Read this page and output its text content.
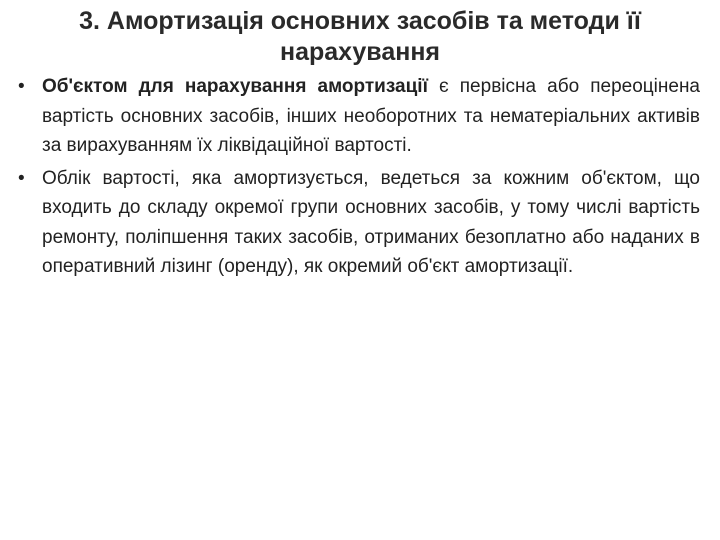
3. Амортизація основних засобів та методи її нарахування
• Об'єктом для нарахування амортизації є первісна або переоцінена вартість основних засобів, інших необоротних та нематеріальних активів за вирахуванням їх ліквідаційної вартості.
• Облік вартості, яка амортизується, ведеться за кожним об'єктом, що входить до складу окремої групи основних засобів, у тому числі вартість ремонту, поліпшення таких засобів, отриманих безоплатно або наданих в оперативний лізинг (оренду), як окремий об'єкт амортизації.
